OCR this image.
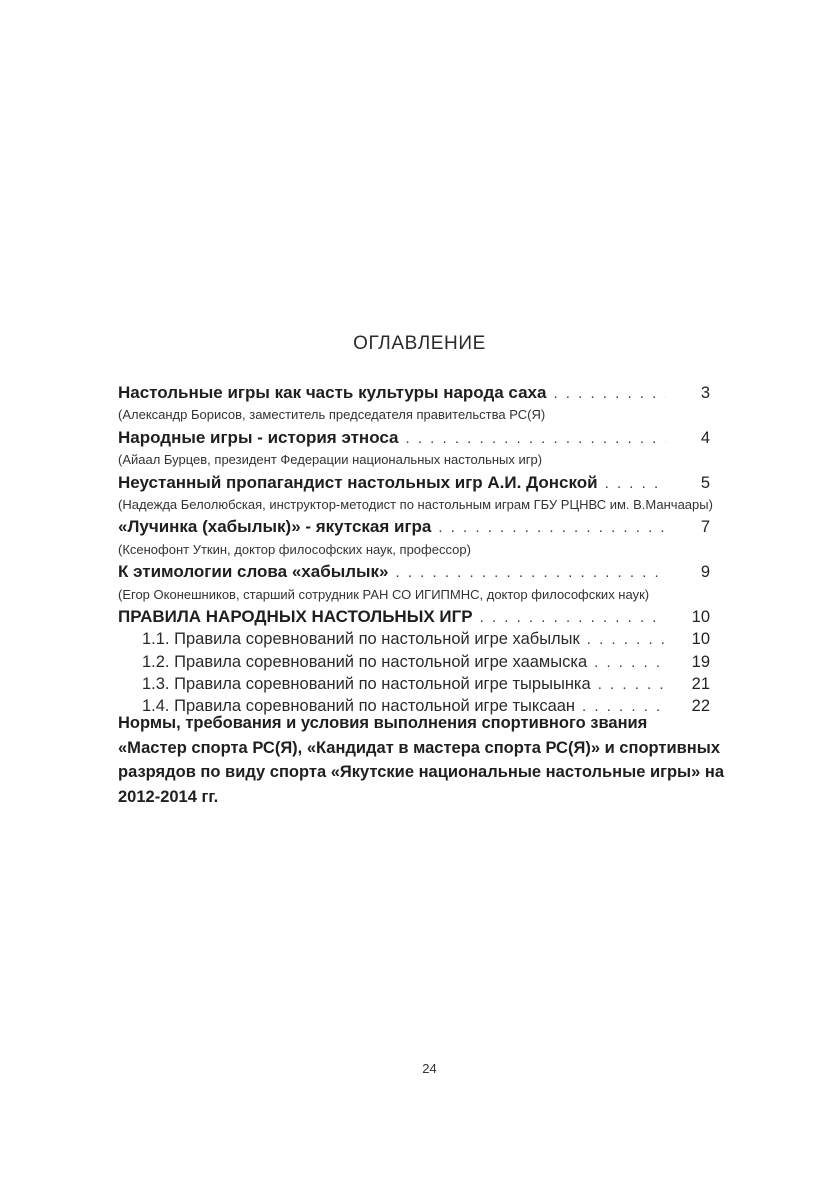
ОГЛАВЛЕНИЕ
Настольные игры как часть культуры народа саха . . .	3
(Александр Борисов, заместитель председателя правительства РС(Я)
Народные игры - история этноса . . .	4
(Айаал Бурцев, президент Федерации национальных настольных игр)
Неустанный пропагандист настольных игр А.И. Донской . . .	5
(Надежда Белолюбская, инструктор-методист по настольным играм ГБУ РЦНВС им. В.Манчаары)
«Лучинка (хабылык)» - якутская игра . . .	7
(Ксенофонт Уткин, доктор философских наук, профессор)
К этимологии слова «хабылык» . . .	9
(Егор Оконешников, старший сотрудник РАН СО ИГИПМНС, доктор философских наук)
ПРАВИЛА НАРОДНЫХ НАСТОЛЬНЫХ ИГР . . .	10
1.1. Правила соревнований по настольной игре хабылык . . .	10
1.2. Правила соревнований по настольной игре хаамыска . . .	19
1.3. Правила соревнований по настольной игре тырыынка . . .	21
1.4. Правила соревнований по настольной игре тыксаан . . .	22
Нормы, требования и условия выполнения спортивного звания
«Мастер спорта РС(Я), «Кандидат в мастера спорта РС(Я)» и спортивных
разрядов по виду спорта «Якутские национальные настольные игры» на
2012-2014 гг.
24
